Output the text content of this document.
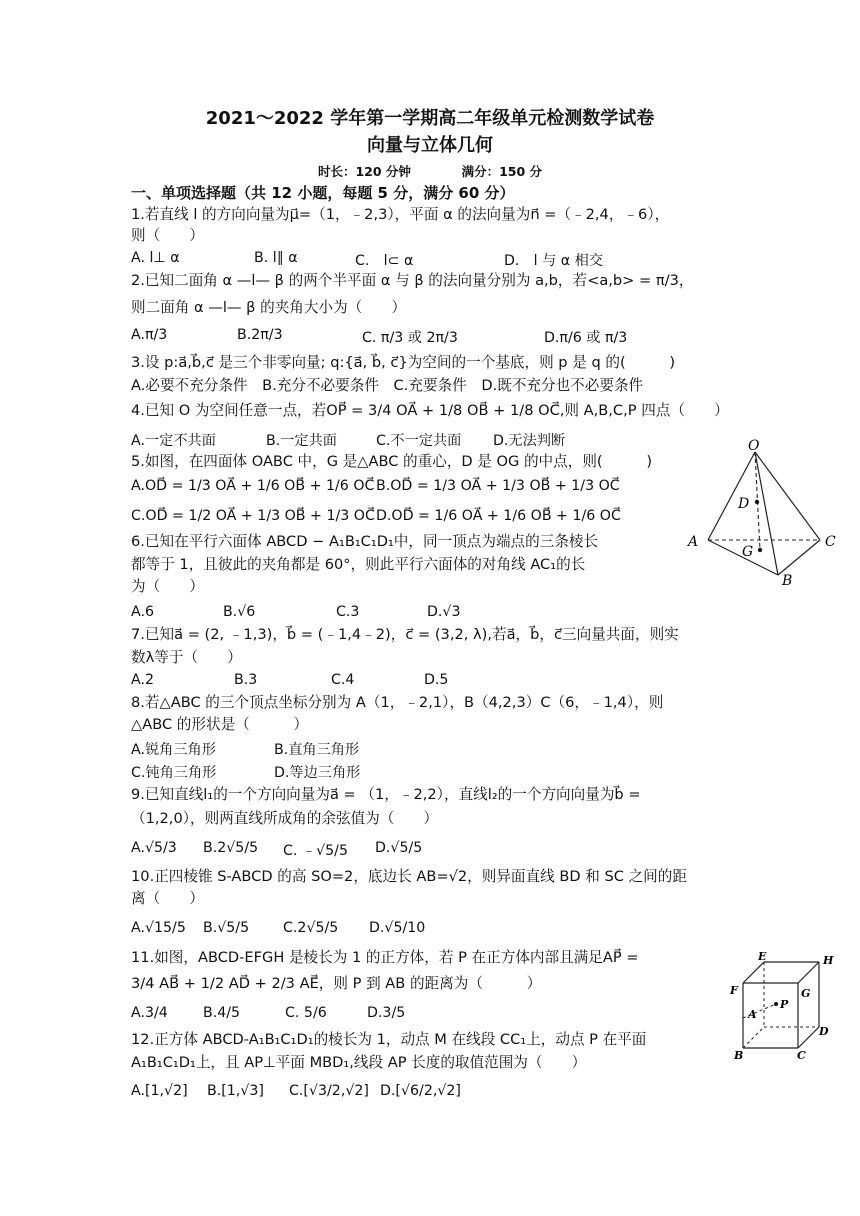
2021～2022 学年第一学期高二年级单元检测数学试卷
向量与立体几何
时长：120 分钟	满分：150 分
一、单项选择题（共 12 小题，每题 5 分，满分 60 分）
1.若直线 l 的方向向量为μ⃗=（1，﹣2,3），平面 α 的法向量为n⃗ =（﹣2,4，﹣6），
则（　　）
A. l⊥ α	B. l∥ α	C.　l⊂ α	D． l 与 α 相交
2.已知二面角 α —l— β 的两个半平面 α 与 β 的法向量分别为 a,b，若<a,b> = π/3，
则二面角 α —l— β 的夹角大小为（　　）
A.π/3	B.2π/3	C. π/3 或 2π/3	D.π/6 或 π/3
3.设 p:a⃗,b⃗,c⃗ 是三个非零向量; q:{a⃗, b⃗, c⃗}为空间的一个基底，则 p 是 q 的(　　　)
A.必要不充分条件　B.充分不必要条件　C.充要条件　D.既不充分也不必要条件
4.已知 O 为空间任意一点，若OP⃗ = 3/4 OA⃗ + 1/8 OB⃗ + 1/8 OC⃗,则 A,B,C,P 四点（　　）
A.一定不共面	B.一定共面	C.不一定共面 D.无法判断
5.如图，在四面体 OABC 中，G 是△ABC 的重心，D 是 OG 的中点，则(　　　)
A.OD⃗ = 1/3 OA⃗ + 1/6 OB⃗ + 1/6 OC⃗ B.OD⃗ = 1/3 OA⃗ + 1/3 OB⃗ + 1/3 OC⃗
C.OD⃗ = 1/2 OA⃗ + 1/3 OB⃗ + 1/3 OC⃗ D.OD⃗ = 1/6 OA⃗ + 1/6 OB⃗ + 1/6 OC⃗
O
D
A
G
C
B
6.已知在平行六面体 ABCD − A₁B₁C₁D₁中，同一顶点为端点的三条棱长
都等于 1，且彼此的夹角都是 60°，则此平行六面体的对角线 AC₁的长
为（　　）
A.6	B.√6	C.3	D.√3
7.已知a⃗ = (2, ﹣1,3)，b⃗ = (﹣1,4﹣2)，c⃗ = (3,2, λ),若a⃗，b⃗，c⃗三向量共面，则实
数λ等于（　　）
A.2	B.3	C.4	D.5
8.若△ABC 的三个顶点坐标分别为 A（1，﹣2,1），B（4,2,3）C（6，﹣1,4），则
△ABC 的形状是（　　　）
A.锐角三角形	B.直角三角形
C.钝角三角形	D.等边三角形
9.已知直线l₁的一个方向向量为a⃗ = （1，﹣2,2），直线l₂的一个方向向量为b⃗ =
（1,2,0），则两直线所成角的余弦值为（　　）
A.√5/3 B.2√5/5 C. ﹣√5/5 D.√5/5
10.正四棱锥 S-ABCD 的高 SO=2，底边长 AB=√2，则异面直线 BD 和 SC 之间的距
离（　　）
A.√15/5 B.√5/5 C.2√5/5 D.√5/10
11.如图，ABCD-EFGH 是棱长为 1 的正方体，若 P 在正方体内部且满足AP⃗ =
3/4 AB⃗ + 1/2 AD⃗ + 2/3 AE⃗，则 P 到 AB 的距离为（　　　）
A.3/4 B.4/5	C. 5/6	D.3/5
E	H
F	G
P
A
D
B	C
12.正方体 ABCD-A₁B₁C₁D₁的棱长为 1，动点 M 在线段 CC₁上，动点 P 在平面
A₁B₁C₁D₁上，且 AP⊥平面 MBD₁,线段 AP 长度的取值范围为（　　）
A.[1,√2] B.[1,√3] C.[√3/2,√2] D.[√6/2,√2]
